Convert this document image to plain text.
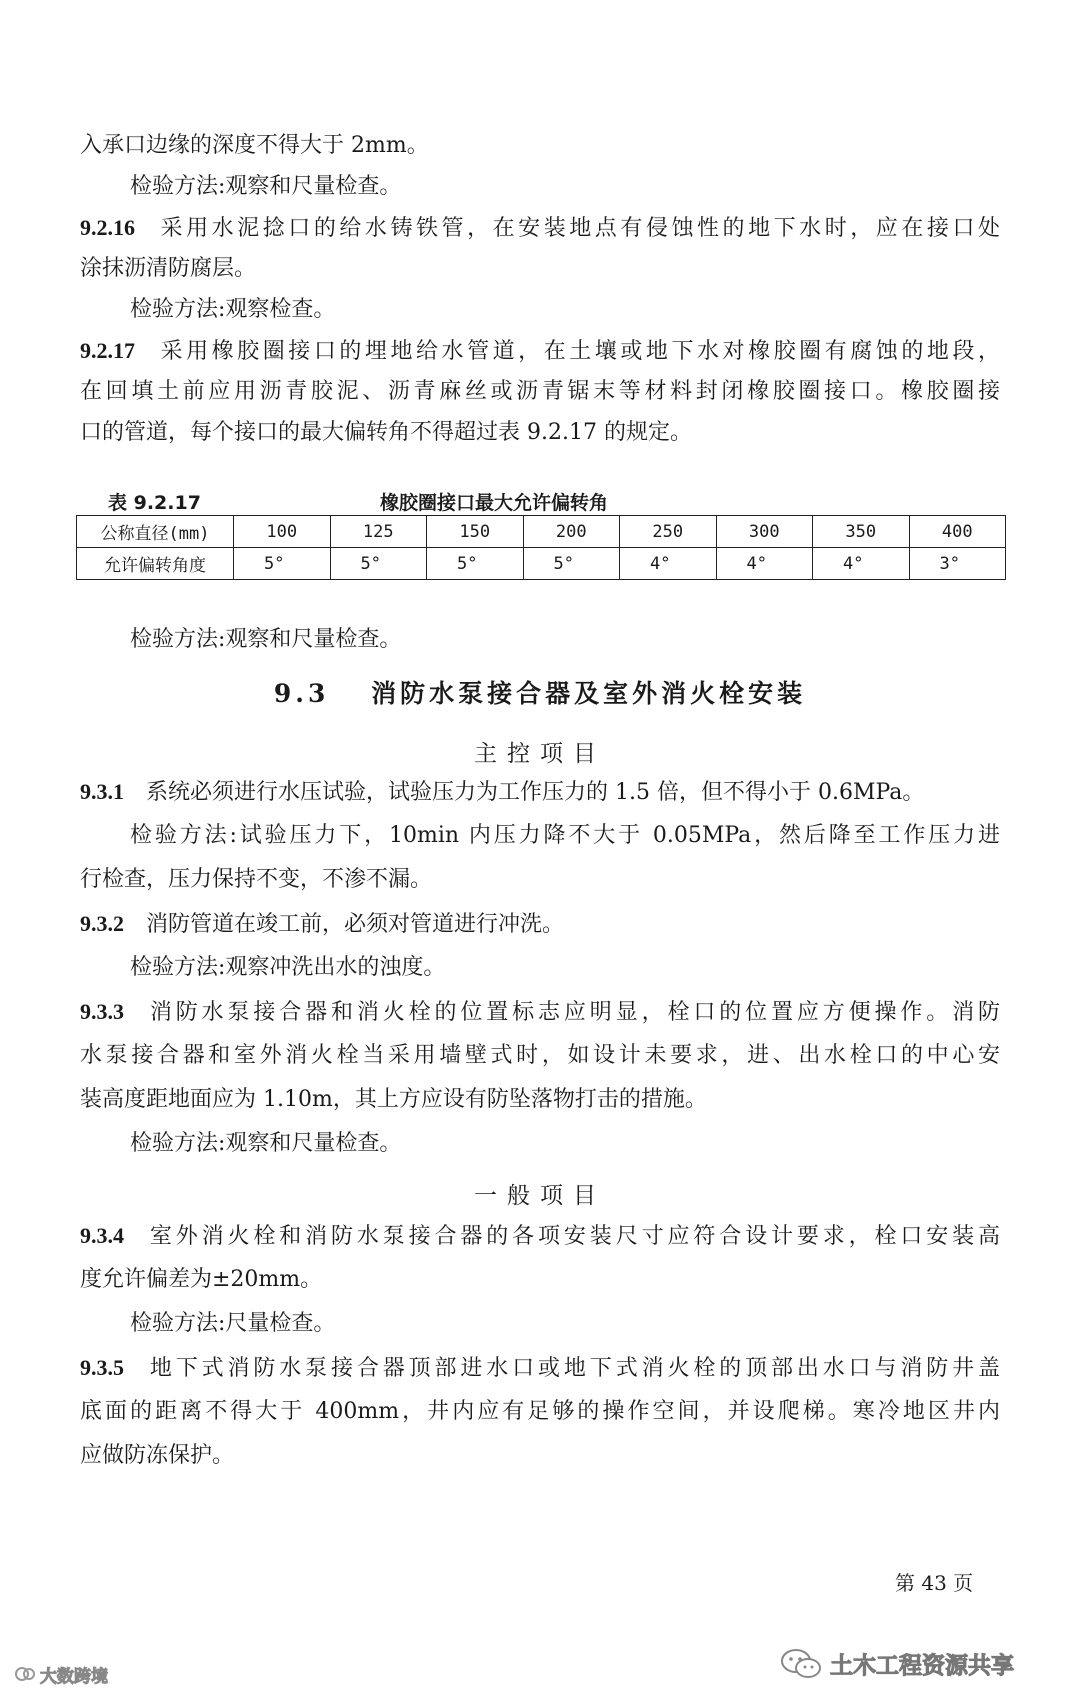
入承口边缘的深度不得大于 2mm。
检验方法:观察和尺量检查。
9.2.16 采用水泥捻口的给水铸铁管，在安装地点有侵蚀性的地下水时，应在接口处
涂抹沥清防腐层。
检验方法:观察检查。
9.2.17 采用橡胶圈接口的埋地给水管道，在土壤或地下水对橡胶圈有腐蚀的地段，
在回填土前应用沥青胶泥、沥青麻丝或沥青锯末等材料封闭橡胶圈接口。橡胶圈接
口的管道，每个接口的最大偏转角不得超过表 9.2.17 的规定。
表 9.2.17	橡胶圈接口最大允许偏转角
公称直径(mm)	100	125	150	200	250	300	350	400
允许偏转角度	5°	5°	5°	5°	4°	4°	4°	3°
检验方法:观察和尺量检查。
9.3　 消防水泵接合器及室外消火栓安装
主控项目
9.3.1 系统必须进行水压试验，试验压力为工作压力的 1.5 倍，但不得小于 0.6MPa。
检验方法:试验压力下，10min 内压力降不大于 0.05MPa，然后降至工作压力进
行检查，压力保持不变，不渗不漏。
9.3.2 消防管道在竣工前，必须对管道进行冲洗。
检验方法:观察冲洗出水的浊度。
9.3.3 消防水泵接合器和消火栓的位置标志应明显，栓口的位置应方便操作。消防
水泵接合器和室外消火栓当采用墙壁式时，如设计未要求，进、出水栓口的中心安
装高度距地面应为 1.10m，其上方应设有防坠落物打击的措施。
检验方法:观察和尺量检查。
一般项目
9.3.4 室外消火栓和消防水泵接合器的各项安装尺寸应符合设计要求，栓口安装高
度允许偏差为±20mm。
检验方法:尺量检查。
9.3.5 地下式消防水泵接合器顶部进水口或地下式消火栓的顶部出水口与消防井盖
底面的距离不得大于 400mm，井内应有足够的操作空间，并设爬梯。寒冷地区井内
应做防冻保护。
第 43 页
大数跨境	土木工程资源共享
